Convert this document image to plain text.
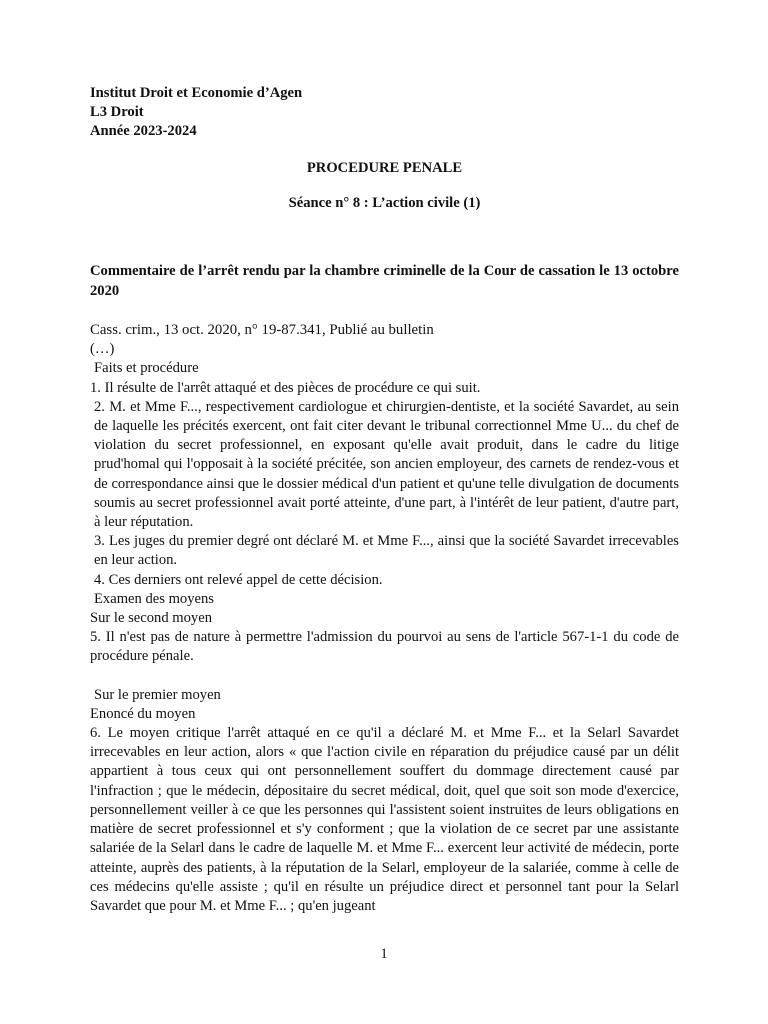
Institut Droit et Economie d’Agen

L3 Droit

Année 2023-2024

PROCEDURE PENALE

Séance n° 8 : L’action civile (1)

Commentaire de l’arrêt rendu par la chambre criminelle de la Cour de cassation le 13 octobre 2020

Cass. crim., 13 oct. 2020, n° 19-87.341, Publié au bulletin

(…)

Faits et procédure

1. Il résulte de l'arrêt attaqué et des pièces de procédure ce qui suit.

2. M. et Mme F..., respectivement cardiologue et chirurgien-dentiste, et la société Savardet, au sein de laquelle les précités exercent, ont fait citer devant le tribunal correctionnel Mme U... du chef de violation du secret professionnel, en exposant qu'elle avait produit, dans le cadre du litige prud'homal qui l'opposait à la société précitée, son ancien employeur, des carnets de rendez-vous et de correspondance ainsi que le dossier médical d'un patient et qu'une telle divulgation de documents soumis au secret professionnel avait porté atteinte, d'une part, à l'intérêt de leur patient, d'autre part, à leur réputation.

3. Les juges du premier degré ont déclaré M. et Mme F..., ainsi que la société Savardet irrecevables en leur action.

4. Ces derniers ont relevé appel de cette décision.

Examen des moyens

Sur le second moyen

5. Il n'est pas de nature à permettre l'admission du pourvoi au sens de l'article 567-1-1 du code de procédure pénale.

Sur le premier moyen

Enoncé du moyen

6. Le moyen critique l'arrêt attaqué en ce qu'il a déclaré M. et Mme F... et la Selarl Savardet irrecevables en leur action, alors « que l'action civile en réparation du préjudice causé par un délit appartient à tous ceux qui ont personnellement souffert du dommage directement causé par l'infraction ; que le médecin, dépositaire du secret médical, doit, quel que soit son mode d'exercice, personnellement veiller à ce que les personnes qui l'assistent soient instruites de leurs obligations en matière de secret professionnel et s'y conforment ; que la violation de ce secret par une assistante salariée de la Selarl dans le cadre de laquelle M. et Mme F... exercent leur activité de médecin, porte atteinte, auprès des patients, à la réputation de la Selarl, employeur de la salariée, comme à celle de ces médecins qu'elle assiste ; qu'il en résulte un préjudice direct et personnel tant pour la Selarl Savardet que pour M. et Mme F... ; qu'en jugeant

1
